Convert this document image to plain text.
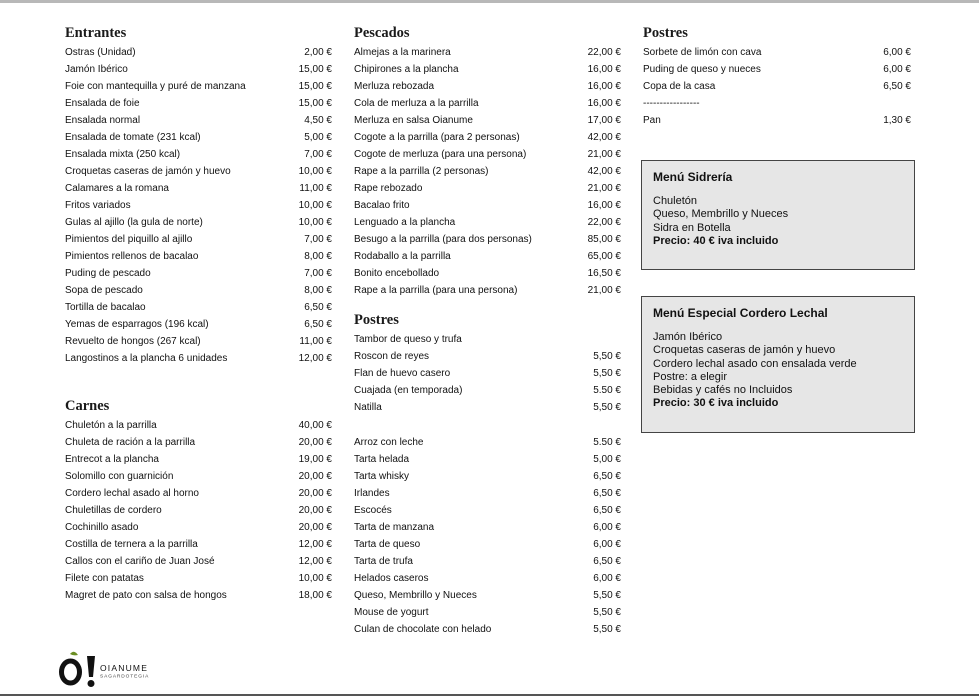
Entrantes
Ostras (Unidad)	2,00 €
Jamón Ibérico	15,00 €
Foie con mantequilla y puré de manzana	15,00 €
Ensalada de foie	15,00 €
Ensalada normal	4,50 €
Ensalada de tomate (231 kcal)	5,00 €
Ensalada mixta (250 kcal)	7,00 €
Croquetas caseras de jamón y huevo	10,00 €
Calamares a la romana	11,00 €
Fritos variados	10,00 €
Gulas al ajillo (la gula de norte)	10,00 €
Pimientos del piquillo al ajillo	7,00 €
Pimientos rellenos de bacalao	8,00 €
Puding de pescado	7,00 €
Sopa de pescado	8,00 €
Tortilla de bacalao	6,50 €
Yemas de esparragos (196 kcal)	6,50 €
Revuelto de hongos (267 kcal)	11,00 €
Langostinos a la plancha 6 unidades	12,00 €
Carnes
Chuletón a la parrilla	40,00 €
Chuleta de ración a la parrilla	20,00 €
Entrecot a la plancha	19,00 €
Solomillo con guarnición	20,00 €
Cordero lechal asado al horno	20,00 €
Chuletillas de cordero	20,00 €
Cochinillo asado	20,00 €
Costilla de ternera a la parrilla	12,00 €
Callos con el cariño de Juan José	12,00 €
Filete con patatas	10,00 €
Magret de pato con salsa de hongos	18,00 €
Pescados
Almejas a la marinera	22,00 €
Chipirones a la plancha	16,00 €
Merluza rebozada	16,00 €
Cola de merluza a la parrilla	16,00 €
Merluza en salsa Oianume	17,00 €
Cogote a la parrilla (para 2 personas)	42,00 €
Cogote de merluza (para una persona)	21,00 €
Rape a la parrilla (2 personas)	42,00 €
Rape rebozado	21,00 €
Bacalao frito	16,00 €
Lenguado a la plancha	22,00 €
Besugo a la parrilla (para dos personas)	85,00 €
Rodaballo a la parrilla	65,00 €
Bonito encebollado	16,50 €
Rape a la parrilla (para una persona)	21,00 €
Postres
Tambor de queso y trufa
Roscon de reyes	5,50 €
Flan de huevo casero	5,50 €
Cuajada (en temporada)	5.50 €
Natilla	5,50 €
Arroz con leche	5.50 €
Tarta helada	5,00 €
Tarta whisky	6,50 €
Irlandes	6,50 €
Escocés	6,50 €
Tarta de manzana	6,00 €
Tarta de queso	6,00 €
Tarta de trufa	6,50 €
Helados caseros	6,00 €
Queso, Membrillo y Nueces	5,50 €
Mouse de yogurt	5,50 €
Culan de chocolate con helado	5,50 €
Postres
Sorbete de limón con cava	6,00 €
Puding de queso y nueces	6,00 €
Copa de la casa	6,50 €
-----------------
Pan	1,30 €
Menú Sidrería
Chuletón
Queso, Membrillo y Nueces
Sidra en Botella
Precio: 40 € iva incluido
Menú Especial Cordero Lechal
Jamón Ibérico
Croquetas caseras de jamón y huevo
Cordero lechal asado con ensalada verde
Postre: a elegir
Bebidas y cafés no Incluidos
Precio: 30 € iva incluido
OIANUME
SAGARDOTEGIA
Ò!
